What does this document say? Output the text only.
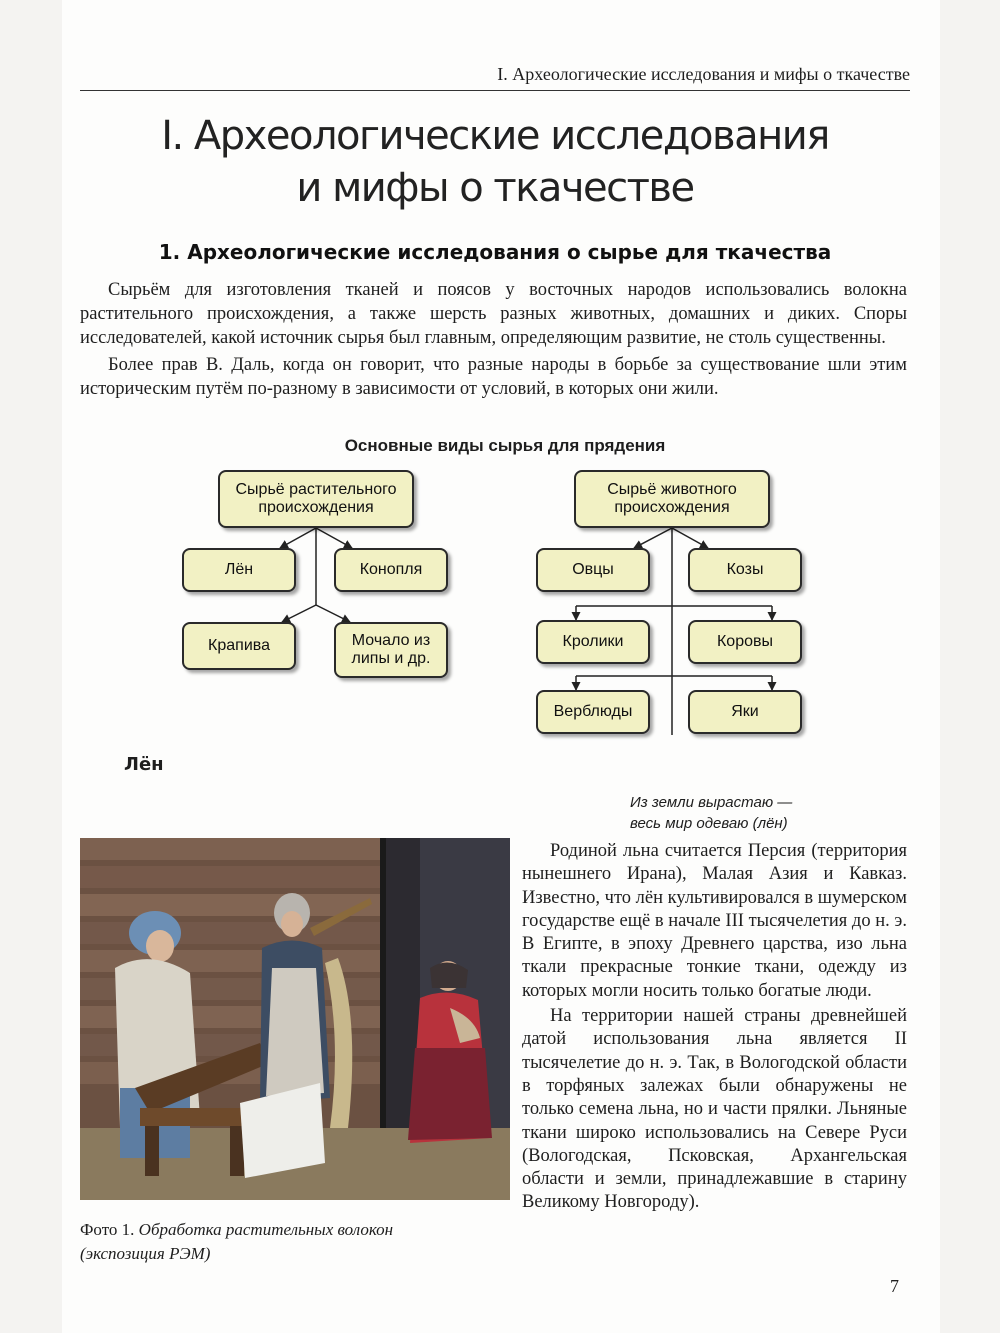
I. Археологические исследования и мифы о ткачестве
I. Археологические исследования
и мифы о ткачестве
1. Археологические исследования о сырье для ткачества

Сырьём для изготовления тканей и поясов у восточных народов использовались волокна растительного происхождения, а также шерсть разных животных, домашних и диких. Споры исследователей, какой источник сырья был главным, определяющим развитие, не столь существенны.

Более прав В. Даль, когда он говорит, что разные народы в борьбе за существование шли этим историческим путём по-разному в зависимости от условий, в которых они жили.

Основные виды сырья для прядения
Сырьё растительного происхождения
Сырьё животного происхождения
Лён	Конопля
Крапива	Мочало из липы и др.
Овцы	Козы
Кролики	Коровы
Верблюды	Яки
Лён
Из земли вырастаю —
весь мир одеваю (лён)
Фото 1. Обработка растительных волокон
(экспозиция РЭМ)

Родиной льна считается Персия (территория нынешнего Ирана), Малая Азия и Кавказ. Известно, что лён культивировался в шумерском государстве ещё в начале III тысячелетия до н. э. В Египте, в эпоху Древнего царства, изо льна ткали прекрасные тонкие ткани, одежду из которых могли носить только богатые люди.

На территории нашей страны древнейшей датой использования льна является II тысячелетие до н. э. Так, в Вологодской области в торфяных залежах были обнаружены не только семена льна, но и части прялки. Льняные ткани широко использовались на Севере Руси (Вологодская, Псковская, Архангельская области и земли, принадлежавшие в старину Великому Новгороду).

7
